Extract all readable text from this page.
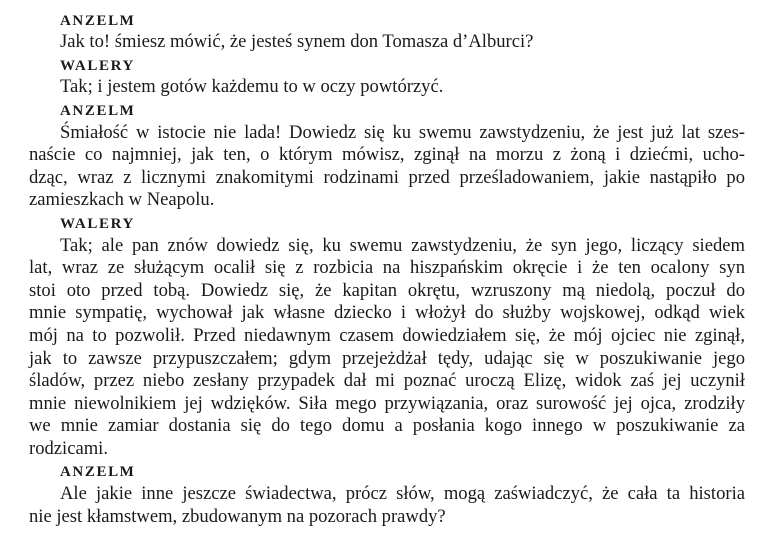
ANZELM
Jak to! śmiesz mówić, że jesteś synem don Tomasza d’Alburci?
WALERY
Tak; i jestem gotów każdemu to w oczy powtórzyć.
ANZELM
Śmiałość w istocie nie lada! Dowiedz się ku swemu zawstydzeniu, że jest już lat szes-
naście co najmniej, jak ten, o którym mówisz, zginął na morzu z żoną i dziećmi, ucho-
dząc, wraz z licznymi znakomitymi rodzinami przed prześladowaniem, jakie nastąpiło po
zamieszkach w Neapolu.
WALERY
Tak; ale pan znów dowiedz się, ku swemu zawstydzeniu, że syn jego, liczący siedem
lat, wraz ze służącym ocalił się z rozbicia na hiszpańskim okręcie i że ten ocalony syn
stoi oto przed tobą. Dowiedz się, że kapitan okrętu, wzruszony mą niedolą, poczuł do
mnie sympatię, wychował jak własne dziecko i włożył do służby wojskowej, odkąd wiek
mój na to pozwolił. Przed niedawnym czasem dowiedziałem się, że mój ojciec nie zginął,
jak to zawsze przypuszczałem; gdym przejeżdżał tędy, udając się w poszukiwanie jego
śladów, przez niebo zesłany przypadek dał mi poznać uroczą Elizę, widok zaś jej uczynił
mnie niewolnikiem jej wdzięków. Siła mego przywiązania, oraz surowość jej ojca, zrodziły
we mnie zamiar dostania się do tego domu a posłania kogo innego w poszukiwanie za
rodzicami.
ANZELM
Ale jakie inne jeszcze świadectwa, prócz słów, mogą zaświadczyć, że cała ta historia
nie jest kłamstwem, zbudowanym na pozorach prawdy?
